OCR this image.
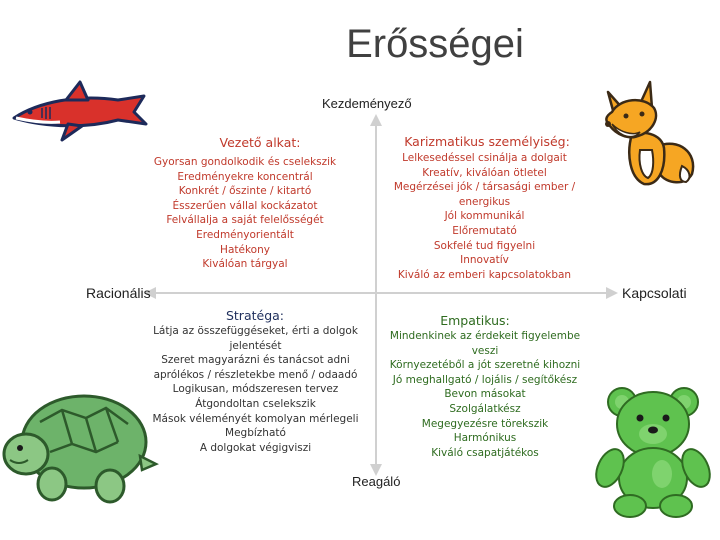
Erősségei
Kezdeményező
Reagáló
Racionális	Kapcsolati
Vezető alkat:
Gyorsan gondolkodik és cselekszik
Eredményekre koncentrál
Konkrét / őszinte / kitartó
Ésszerűen vállal kockázatot
Felvállalja a saját felelősségét
Eredményorientált
Hatékony
Kiválóan tárgyal
Karizmatikus személyiség:
Lelkesedéssel csinálja a dolgait
Kreatív, kiválóan ötletel
Megérzései jók / társasági ember /
energikus
Jól kommunikál
Előremutató
Sokfelé tud figyelni
Innovatív
Kiváló az emberi kapcsolatokban
Stratéga:
Látja az összefüggéseket, érti a dolgok
jelentését
Szeret magyarázni és tanácsot adni
aprólékos / részletekbe menő / odaadó
Logikusan, módszeresen tervez
Átgondoltan cselekszik
Mások véleményét komolyan mérlegeli
Megbízható
A dolgokat végigviszi
Empatikus:
Mindenkinek az érdekeit figyelembe
veszi
Környezetéből a jót szeretné kihozni
Jó meghallgató / lojális / segítőkész
Bevon másokat
Szolgálatkész
Megegyezésre törekszik
Harmónikus
Kiváló csapatjátékos
